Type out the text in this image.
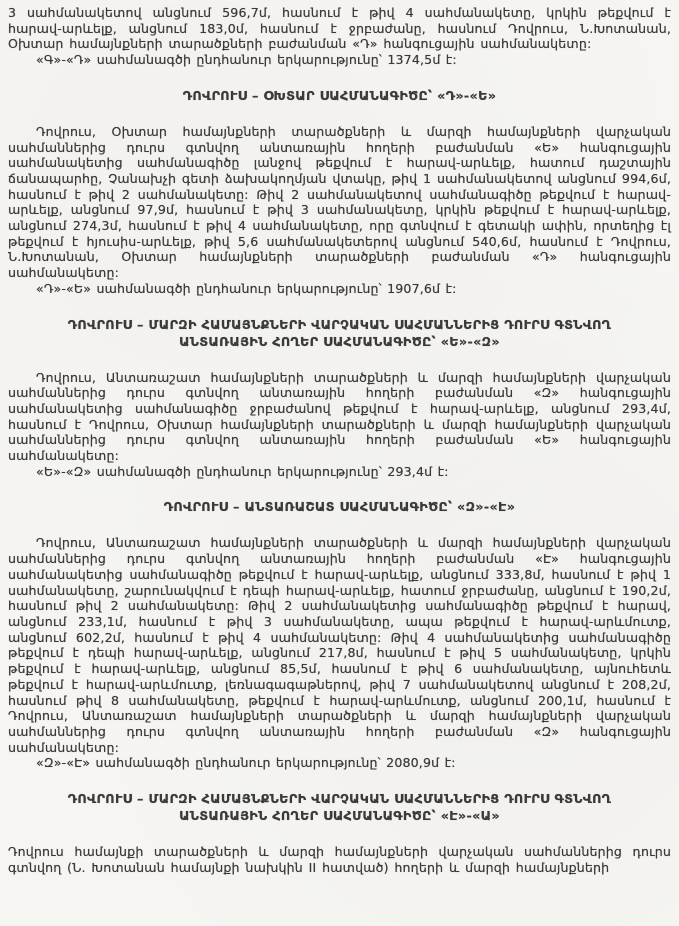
3 սահմանակետով անցնում 596,7մ, հասնում է թիվ 4 սահմանակետը, կրկին թեքվում է հարավ-արևելք, անցնում 183,0մ, հասնում է ջրբաժանը, հասնում Դովրուս, Ն.Խոտանան, Օխտար համայնքների տարածքների բաժանման «Դ» հանգուցային սահմանակետը:

«Գ»-«Դ» սահմանագծի ընդհանուր երկարությունը՝ 1374,5մ է:

ԴՈՎՐՈՒՍ – ՕԽՏԱՐ ՍԱՀՄԱՆԱԳԻԾԸ՝ «Դ»-«Ե»

Դովրուս, Օխտար համայնքների տարածքների և մարզի համայնքների վարչական սահմաններից դուրս գտնվող անտառային հողերի բաժանման «Ե» հանգուցային սահմանակետից սահմանագիծը լանջով թեքվում է հարավ-արևելք, հատում դաշտային ճանապարհը, Չանախչի գետի ձախակողմյան վտակը, թիվ 1 սահմանակետով անցնում 994,6մ, հասնում է թիվ 2 սահմանակետը: Թիվ 2 սահմանակետով սահմանագիծը թեքվում է հարավ-արևելք, անցնում 97,9մ, հասնում է թիվ 3 սահմանակետը, կրկին թեքվում է հարավ-արևելք, անցնում 274,3մ, հասնում է թիվ 4 սահմանակետը, որը գտնվում է գետակի ափին, որտեղից էլ թեքվում է հյուսիս-արևելք, թիվ 5,6 սահմանակետերով անցնում 540,6մ, հասնում է Դովրուս, Ն.Խոտանան, Օխտար համայնքների տարածքների բաժանման «Դ» հանգուցային սահմանակետը:

«Դ»-«Ե» սահմանագծի ընդհանուր երկարությունը՝ 1907,6մ է:

ԴՈՎՐՈՒՍ – ՄԱՐԶԻ ՀԱՄԱՅՆՔՆԵՐԻ ՎԱՐՉԱԿԱՆ ՍԱՀՄԱՆՆԵՐԻՑ ԴՈՒՐՍ ԳՏՆՎՈՂ ԱՆՏԱՌԱՅԻՆ ՀՈՂԵՐ ՍԱՀՄԱՆԱԳԻԾԸ՝ «Ե»-«Զ»

Դովրուս, Անտառաշատ համայնքների տարածքների և մարզի համայնքների վարչական սահմաններից դուրս գտնվող անտառային հողերի բաժանման «Զ» հանգուցային սահմանակետից սահմանագիծը ջրբաժանով թեքվում է հարավ-արևելք, անցնում 293,4մ, հասնում է Դովրուս, Օխտար համայնքների տարածքների և մարզի համայնքների վարչական սահմաններից դուրս գտնվող անտառային հողերի բաժանման «Ե» հանգուցային սահմանակետը:

«Ե»-«Զ» սահմանագծի ընդհանուր երկարությունը՝ 293,4մ է:

ԴՈՎՐՈՒՍ – ԱՆՏԱՌԱՇԱՏ ՍԱՀՄԱՆԱԳԻԾԸ՝ «Զ»-«Է»

Դովրուս, Անտառաշատ համայնքների տարածքների և մարզի համայնքների վարչական սահմաններից դուրս գտնվող անտառային հողերի բաժանման «Է» հանգուցային սահմանակետից սահմանագիծը թեքվում է հարավ-արևելք, անցնում 333,8մ, հասնում է թիվ 1 սահմանակետը, շարունակվում է դեպի հարավ-արևելք, հատում ջրբաժանը, անցնում է 190,2մ, հասնում թիվ 2 սահմանակետը: Թիվ 2 սահմանակետից սահմանագիծը թեքվում է հարավ, անցնում 233,1մ, հասնում է թիվ 3 սահմանակետը, ապա թեքվում է հարավ-արևմուտք, անցնում 602,2մ, հասնում է թիվ 4 սահմանակետը: Թիվ 4 սահմանակետից սահմանագիծը թեքվում է դեպի հարավ-արևելք, անցնում 217,8մ, հասնում է թիվ 5 սահմանակետը, կրկին թեքվում է հարավ-արևելք, անցնում 85,5մ, հասնում է թիվ 6 սահմանակետը, այնուհետև թեքվում է հարավ-արևմուտք, լեռնագագաթներով, թիվ 7 սահմանակետով անցնում է 208,2մ, հասնում թիվ 8 սահմանակետը, թեքվում է հարավ-արևմուտք, անցնում 200,1մ, հասնում է Դովրուս, Անտառաշատ համայնքների տարածքների և մարզի համայնքների վարչական սահմաններից դուրս գտնվող անտառային հողերի բաժանման «Զ» հանգուցային սահմանակետը:

«Զ»-«Է» սահմանագծի ընդհանուր երկարությունը՝ 2080,9մ է:

ԴՈՎՐՈՒՍ – ՄԱՐԶԻ ՀԱՄԱՅՆՔՆԵՐԻ ՎԱՐՉԱԿԱՆ ՍԱՀՄԱՆՆԵՐԻՑ ԴՈՒՐՍ ԳՏՆՎՈՂ ԱՆՏԱՌԱՅԻՆ ՀՈՂԵՐ ՍԱՀՄԱՆԱԳԻԾԸ՝ «Է»-«Ա»

Դովրուս համայնքի տարածքների և մարզի համայնքների վարչական սահմաններից դուրս գտնվող (Ն. Խոտանան համայնքի նախկին II հատված) հողերի և մարզի համայնքների
